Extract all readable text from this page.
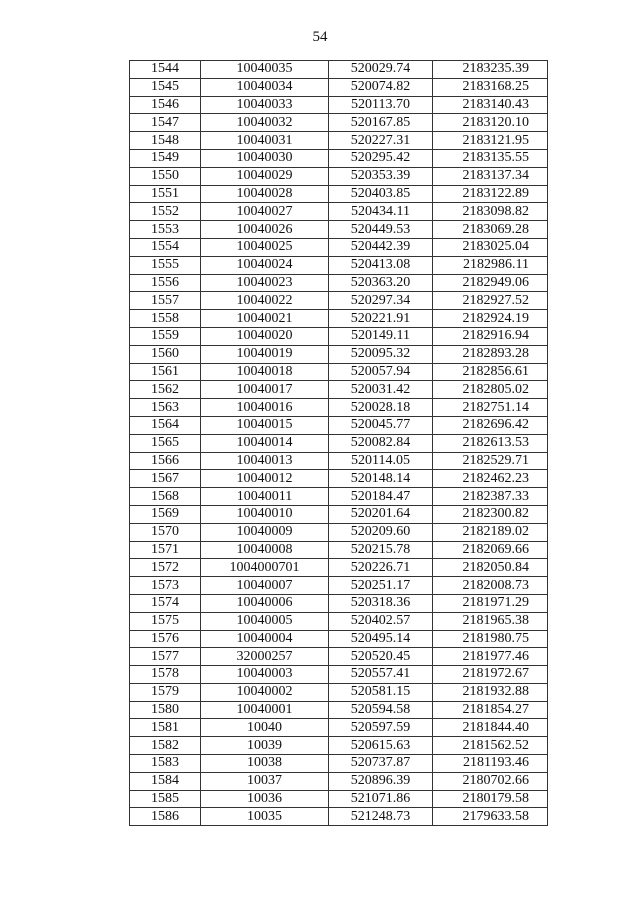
54
1544	10040035	520029.74	2183235.39
1545	10040034	520074.82	2183168.25
1546	10040033	520113.70	2183140.43
1547	10040032	520167.85	2183120.10
1548	10040031	520227.31	2183121.95
1549	10040030	520295.42	2183135.55
1550	10040029	520353.39	2183137.34
1551	10040028	520403.85	2183122.89
1552	10040027	520434.11	2183098.82
1553	10040026	520449.53	2183069.28
1554	10040025	520442.39	2183025.04
1555	10040024	520413.08	2182986.11
1556	10040023	520363.20	2182949.06
1557	10040022	520297.34	2182927.52
1558	10040021	520221.91	2182924.19
1559	10040020	520149.11	2182916.94
1560	10040019	520095.32	2182893.28
1561	10040018	520057.94	2182856.61
1562	10040017	520031.42	2182805.02
1563	10040016	520028.18	2182751.14
1564	10040015	520045.77	2182696.42
1565	10040014	520082.84	2182613.53
1566	10040013	520114.05	2182529.71
1567	10040012	520148.14	2182462.23
1568	10040011	520184.47	2182387.33
1569	10040010	520201.64	2182300.82
1570	10040009	520209.60	2182189.02
1571	10040008	520215.78	2182069.66
1572	1004000701	520226.71	2182050.84
1573	10040007	520251.17	2182008.73
1574	10040006	520318.36	2181971.29
1575	10040005	520402.57	2181965.38
1576	10040004	520495.14	2181980.75
1577	32000257	520520.45	2181977.46
1578	10040003	520557.41	2181972.67
1579	10040002	520581.15	2181932.88
1580	10040001	520594.58	2181854.27
1581	10040	520597.59	2181844.40
1582	10039	520615.63	2181562.52
1583	10038	520737.87	2181193.46
1584	10037	520896.39	2180702.66
1585	10036	521071.86	2180179.58
1586	10035	521248.73	2179633.58
